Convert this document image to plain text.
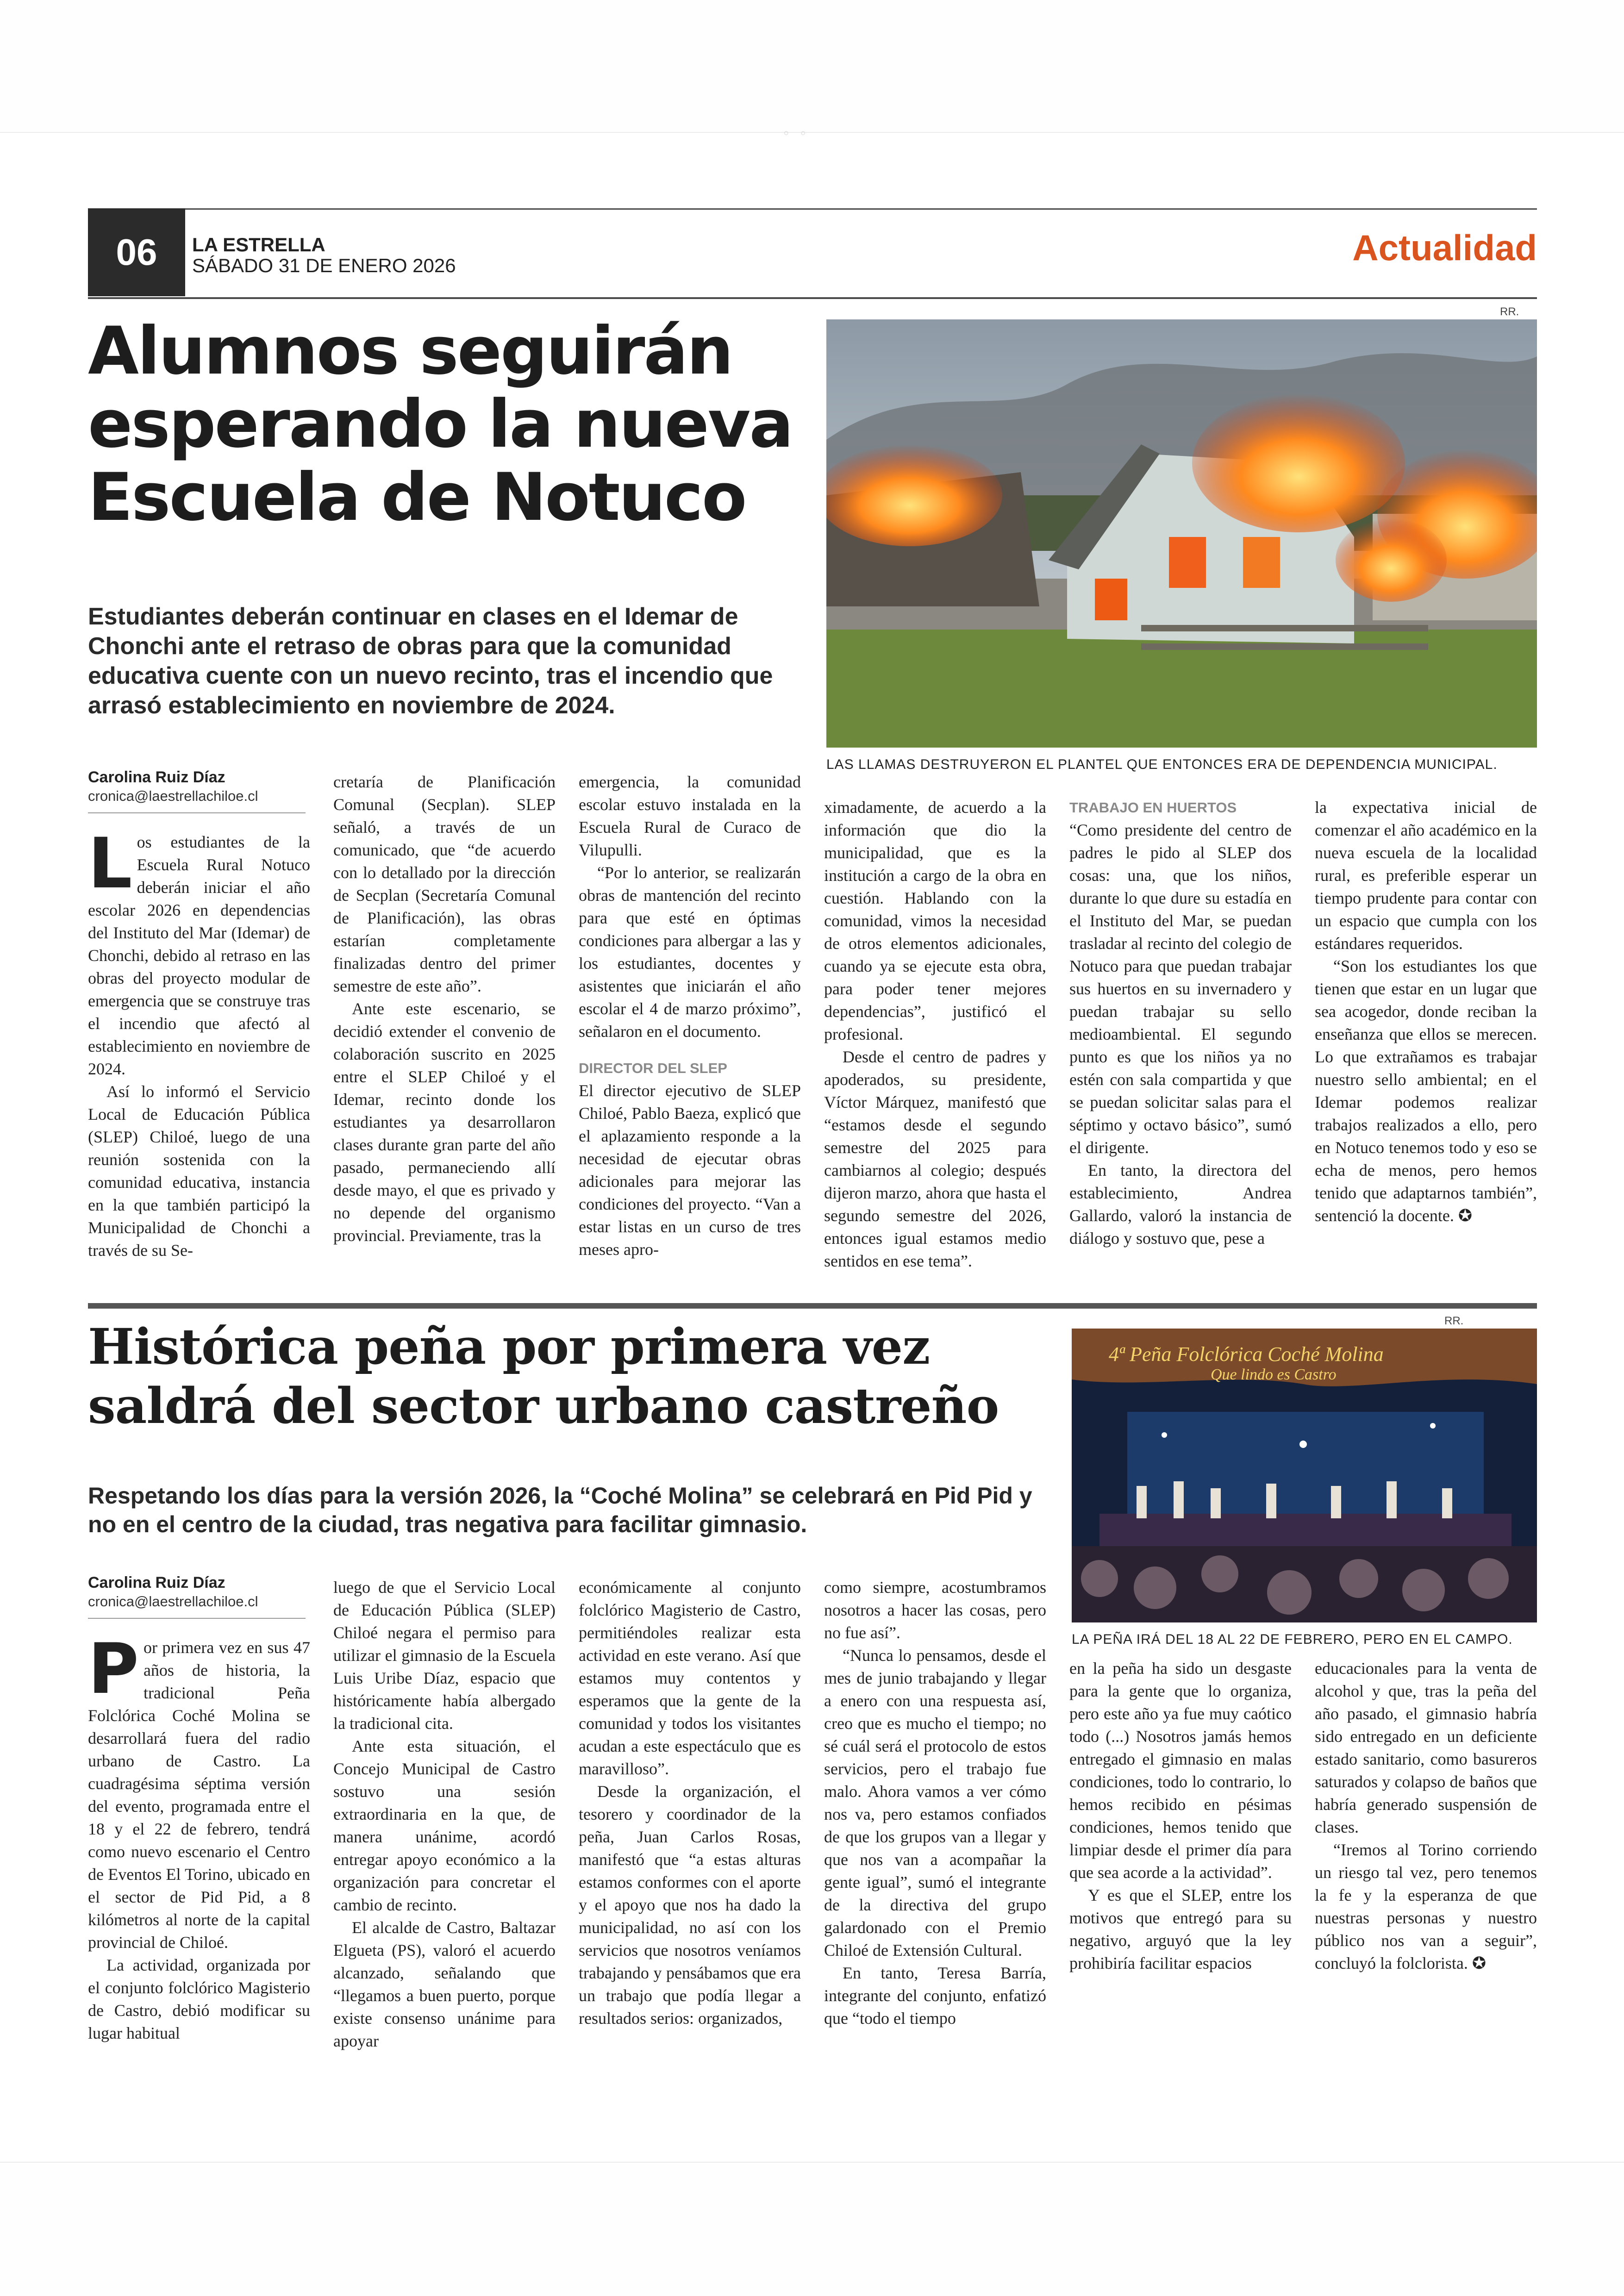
◦◦
06	LA ESTRELLA
SÁBADO 31 DE ENERO 2026	Actualidad
Alumnos seguirán
esperando la nueva
Escuela de Notuco

Estudiantes deberán continuar en clases en el Idemar de Chonchi ante el retraso de obras para que la comunidad educativa cuente con un nuevo recinto, tras el incendio que arrasó establecimiento en noviembre de 2024.

RR.
LAS LLAMAS DESTRUYERON EL PLANTEL QUE ENTONCES ERA DE DEPENDENCIA MUNICIPAL.
Carolina Ruiz Díaz
cronica@laestrellachiloe.cl
L os estudiantes de la Escuela Rural Notuco deberán iniciar el año escolar 2026 en dependencias del Instituto del Mar (Idemar) de Chonchi, debido al retraso en las obras del proyecto modular de emergencia que se construye tras el incendio que afectó al establecimiento en noviembre de 2024.

Así lo informó el Servicio Local de Educación Pública (SLEP) Chiloé, luego de una reunión sostenida con la comunidad educativa, instancia en la que también participó la Municipalidad de Chonchi a través de su Se-

cretaría de Planificación Comunal (Secplan). SLEP señaló, a través de un comunicado, que “de acuerdo con lo detallado por la dirección de Secplan (Secretaría Comunal de Planificación), las obras estarían completamente finalizadas dentro del primer semestre de este año”.

Ante este escenario, se decidió extender el convenio de colaboración suscrito en 2025 entre el SLEP Chiloé y el Idemar, recinto donde los estudiantes ya desarrollaron clases durante gran parte del año pasado, permaneciendo allí desde mayo, el que es privado y no depende del organismo provincial. Previamente, tras la

emergencia, la comunidad escolar estuvo instalada en la Escuela Rural de Curaco de Vilupulli.

“Por lo anterior, se realizarán obras de mantención del recinto para que esté en óptimas condiciones para albergar a las y los estudiantes, docentes y asistentes que iniciarán el año escolar el 4 de marzo próximo”, señalaron en el documento.

DIRECTOR DEL SLEP

El director ejecutivo de SLEP Chiloé, Pablo Baeza, explicó que el aplazamiento responde a la necesidad de ejecutar obras adicionales para mejorar las condiciones del proyecto. “Van a estar listas en un curso de tres meses apro-

ximadamente, de acuerdo a la información que dio la municipalidad, que es la institución a cargo de la obra en cuestión. Hablando con la comunidad, vimos la necesidad de otros elementos adicionales, cuando ya se ejecute esta obra, para poder tener mejores dependencias”, justificó el profesional.

Desde el centro de padres y apoderados, su presidente, Víctor Márquez, manifestó que “estamos desde el segundo semestre del 2025 para cambiarnos al colegio; después dijeron marzo, ahora que hasta el segundo semestre del 2026, entonces igual estamos medio sentidos en ese tema”.

TRABAJO EN HUERTOS

“Como presidente del centro de padres le pido al SLEP dos cosas: una, que los niños, durante lo que dure su estadía en el Instituto del Mar, se puedan trasladar al recinto del colegio de Notuco para que puedan trabajar sus huertos en su invernadero y puedan trabajar su sello medioambiental. El segundo punto es que los niños ya no estén con sala compartida y que se puedan solicitar salas para el séptimo y octavo básico”, sumó el dirigente.

En tanto, la directora del establecimiento, Andrea Gallardo, valoró la instancia de diálogo y sostuvo que, pese a

la expectativa inicial de comenzar el año académico en la nueva escuela de la localidad rural, es preferible esperar un tiempo prudente para contar con un espacio que cumpla con los estándares requeridos.

“Son los estudiantes los que tienen que estar en un lugar que sea acogedor, donde reciban la enseñanza que ellos se merecen. Lo que extrañamos es trabajar nuestro sello ambiental; en el Idemar podemos realizar trabajos realizados a ello, pero en Notuco tenemos todo y eso se echa de menos, pero hemos tenido que adaptarnos también”, sentenció la docente. ✪

Histórica peña por primera vez
saldrá del sector urbano castreño

Respetando los días para la versión 2026, la “Coché Molina” se celebrará en Pid Pid y no en el centro de la ciudad, tras negativa para facilitar gimnasio.

RR.
4ª Peña Folclórica Coché Molina
Que lindo es Castro
LA PEÑA IRÁ DEL 18 AL 22 DE FEBRERO, PERO EN EL CAMPO.
Carolina Ruiz Díaz
cronica@laestrellachiloe.cl
P or primera vez en sus 47 años de historia, la tradicional Peña Folclórica Coché Molina se desarrollará fuera del radio urbano de Castro. La cuadragésima séptima versión del evento, programada entre el 18 y el 22 de febrero, tendrá como nuevo escenario el Centro de Eventos El Torino, ubicado en el sector de Pid Pid, a 8 kilómetros al norte de la capital provincial de Chiloé.

La actividad, organizada por el conjunto folclórico Magisterio de Castro, debió modificar su lugar habitual

luego de que el Servicio Local de Educación Pública (SLEP) Chiloé negara el permiso para utilizar el gimnasio de la Escuela Luis Uribe Díaz, espacio que históricamente había albergado la tradicional cita.

Ante esta situación, el Concejo Municipal de Castro sostuvo una sesión extraordinaria en la que, de manera unánime, acordó entregar apoyo económico a la organización para concretar el cambio de recinto.

El alcalde de Castro, Baltazar Elgueta (PS), valoró el acuerdo alcanzado, señalando que “llegamos a buen puerto, porque existe consenso unánime para apoyar

económicamente al conjunto folclórico Magisterio de Castro, permitiéndoles realizar esta actividad en este verano. Así que estamos muy contentos y esperamos que la gente de la comunidad y todos los visitantes acudan a este espectáculo que es maravilloso”.

Desde la organización, el tesorero y coordinador de la peña, Juan Carlos Rosas, manifestó que “a estas alturas estamos conformes con el aporte y el apoyo que nos ha dado la municipalidad, no así con los servicios que nosotros veníamos trabajando y pensábamos que era un trabajo que podía llegar a resultados serios: organizados,

como siempre, acostumbramos nosotros a hacer las cosas, pero no fue así”.

“Nunca lo pensamos, desde el mes de junio trabajando y llegar a enero con una respuesta así, creo que es mucho el tiempo; no sé cuál será el protocolo de estos servicios, pero el trabajo fue malo. Ahora vamos a ver cómo nos va, pero estamos confiados de que los grupos van a llegar y que nos van a acompañar la gente igual”, sumó el integrante de la directiva del grupo galardonado con el Premio Chiloé de Extensión Cultural.

En tanto, Teresa Barría, integrante del conjunto, enfatizó que “todo el tiempo

en la peña ha sido un desgaste para la gente que lo organiza, pero este año ya fue muy caótico todo (...) Nosotros jamás hemos entregado el gimnasio en malas condiciones, todo lo contrario, lo hemos recibido en pésimas condiciones, hemos tenido que limpiar desde el primer día para que sea acorde a la actividad”.

Y es que el SLEP, entre los motivos que entregó para su negativo, arguyó que la ley prohibiría facilitar espacios

educacionales para la venta de alcohol y que, tras la peña del año pasado, el gimnasio habría sido entregado en un deficiente estado sanitario, como basureros saturados y colapso de baños que habría generado suspensión de clases.

“Iremos al Torino corriendo un riesgo tal vez, pero tenemos la fe y la esperanza de que nuestras personas y nuestro público nos van a seguir”, concluyó la folclorista. ✪
